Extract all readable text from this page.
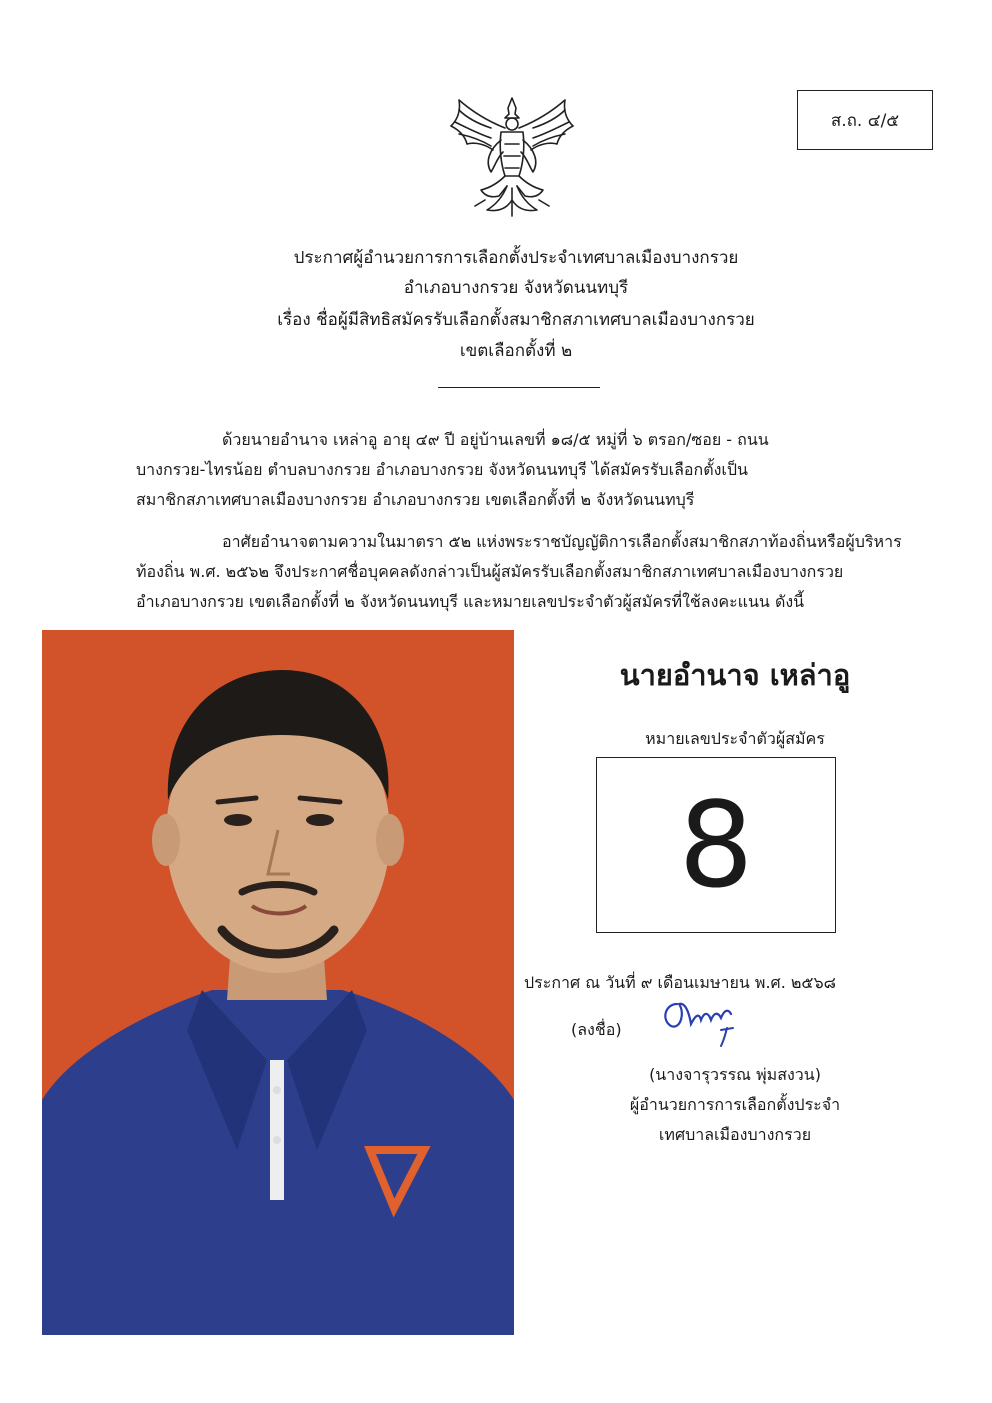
ส.ถ. ๔/๕
ประกาศผู้อำนวยการการเลือกตั้งประจำเทศบาลเมืองบางกรวย
อำเภอบางกรวย จังหวัดนนทบุรี
เรื่อง ชื่อผู้มีสิทธิสมัครรับเลือกตั้งสมาชิกสภาเทศบาลเมืองบางกรวย
เขตเลือกตั้งที่ ๒
ด้วยนายอำนาจ เหล่าอู อายุ ๔๙ ปี อยู่บ้านเลขที่ ๑๘/๕ หมู่ที่ ๖ ตรอก/ซอย - ถนน
บางกรวย-ไทรน้อย ตำบลบางกรวย อำเภอบางกรวย จังหวัดนนทบุรี ได้สมัครรับเลือกตั้งเป็น
สมาชิกสภาเทศบาลเมืองบางกรวย อำเภอบางกรวย เขตเลือกตั้งที่ ๒ จังหวัดนนทบุรี
อาศัยอำนาจตามความในมาตรา ๕๒ แห่งพระราชบัญญัติการเลือกตั้งสมาชิกสภาท้องถิ่นหรือผู้บริหาร
ท้องถิ่น พ.ศ. ๒๕๖๒ จึงประกาศชื่อบุคคลดังกล่าวเป็นผู้สมัครรับเลือกตั้งสมาชิกสภาเทศบาลเมืองบางกรวย
อำเภอบางกรวย เขตเลือกตั้งที่ ๒ จังหวัดนนทบุรี และหมายเลขประจำตัวผู้สมัครที่ใช้ลงคะแนน ดังนี้
นายอำนาจ เหล่าอู
หมายเลขประจำตัวผู้สมัคร
8
ประกาศ ณ วันที่ ๙ เดือนเมษายน พ.ศ. ๒๕๖๘
(ลงชื่อ)
(นางจารุวรรณ พุ่มสงวน)
ผู้อำนวยการการเลือกตั้งประจำ
เทศบาลเมืองบางกรวย
